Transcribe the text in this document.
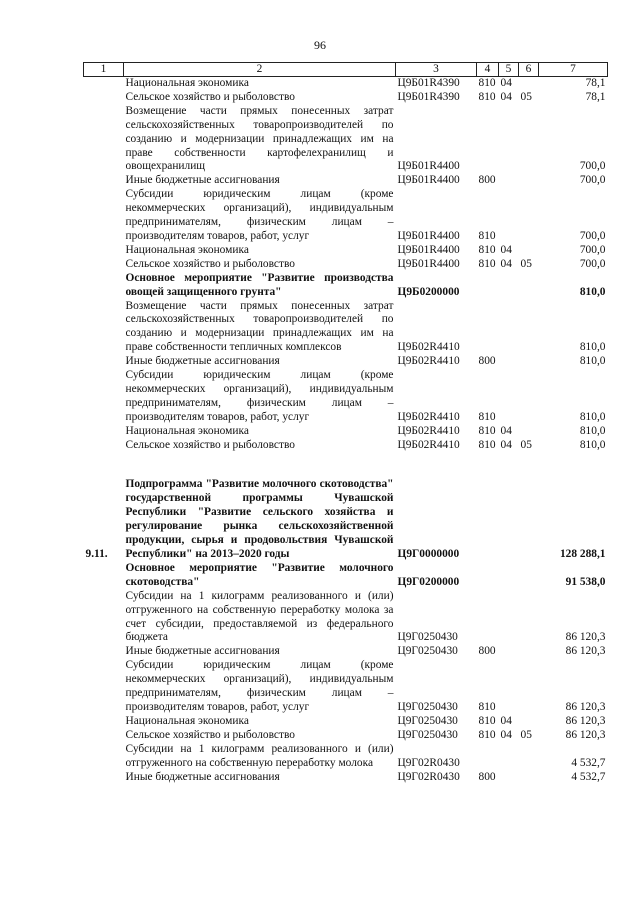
96
1	2	3	4	5	6	7
	Национальная экономика	Ц9Б01R4390	810	04		78,1
	Сельское хозяйство и рыболовство	Ц9Б01R4390	810	04	05	78,1
	Возмещение части прямых понесенных затрат сельскохозяйственных товаропроизводителей по созданию и модернизации принадлежащих им на праве собственности картофелехранилищ и овощехранилищ	Ц9Б01R4400				700,0
	Иные бюджетные ассигнования	Ц9Б01R4400	800			700,0
	Субсидии юридическим лицам (кроме некоммерческих организаций), индивидуальным предпринимателям, физическим лицам – производителям товаров, работ, услуг	Ц9Б01R4400	810			700,0
	Национальная экономика	Ц9Б01R4400	810	04		700,0
	Сельское хозяйство и рыболовство	Ц9Б01R4400	810	04	05	700,0
	Основное мероприятие "Развитие производства овощей защищенного грунта"	Ц9Б0200000				810,0
	Возмещение части прямых понесенных затрат сельскохозяйственных товаропроизводителей по созданию и модернизации принадлежащих им на праве собственности тепличных комплексов	Ц9Б02R4410				810,0
	Иные бюджетные ассигнования	Ц9Б02R4410	800			810,0
	Субсидии юридическим лицам (кроме некоммерческих организаций), индивидуальным предпринимателям, физическим лицам – производителям товаров, работ, услуг	Ц9Б02R4410	810			810,0
	Национальная экономика	Ц9Б02R4410	810	04		810,0
	Сельское хозяйство и рыболовство	Ц9Б02R4410	810	04	05	810,0

9.11.	Подпрограмма "Развитие молочного скотоводства" государственной программы Чувашской Республики "Развитие сельского хозяйства и регулирование рынка сельскохозяйственной продукции, сырья и продовольствия Чувашской Республики" на 2013–2020 годы	Ц9Г0000000				128 288,1
	Основное мероприятие "Развитие молочного скотоводства"	Ц9Г0200000				91 538,0
	Субсидии на 1 килограмм реализованного и (или) отгруженного на собственную переработку молока за счет субсидии, предоставляемой из федерального бюджета	Ц9Г0250430				86 120,3
	Иные бюджетные ассигнования	Ц9Г0250430	800			86 120,3
	Субсидии юридическим лицам (кроме некоммерческих организаций), индивидуальным предпринимателям, физическим лицам – производителям товаров, работ, услуг	Ц9Г0250430	810			86 120,3
	Национальная экономика	Ц9Г0250430	810	04		86 120,3
	Сельское хозяйство и рыболовство	Ц9Г0250430	810	04	05	86 120,3
	Субсидии на 1 килограмм реализованного и (или) отгруженного на собственную переработку молока	Ц9Г02R0430				4 532,7
	Иные бюджетные ассигнования	Ц9Г02R0430	800			4 532,7
